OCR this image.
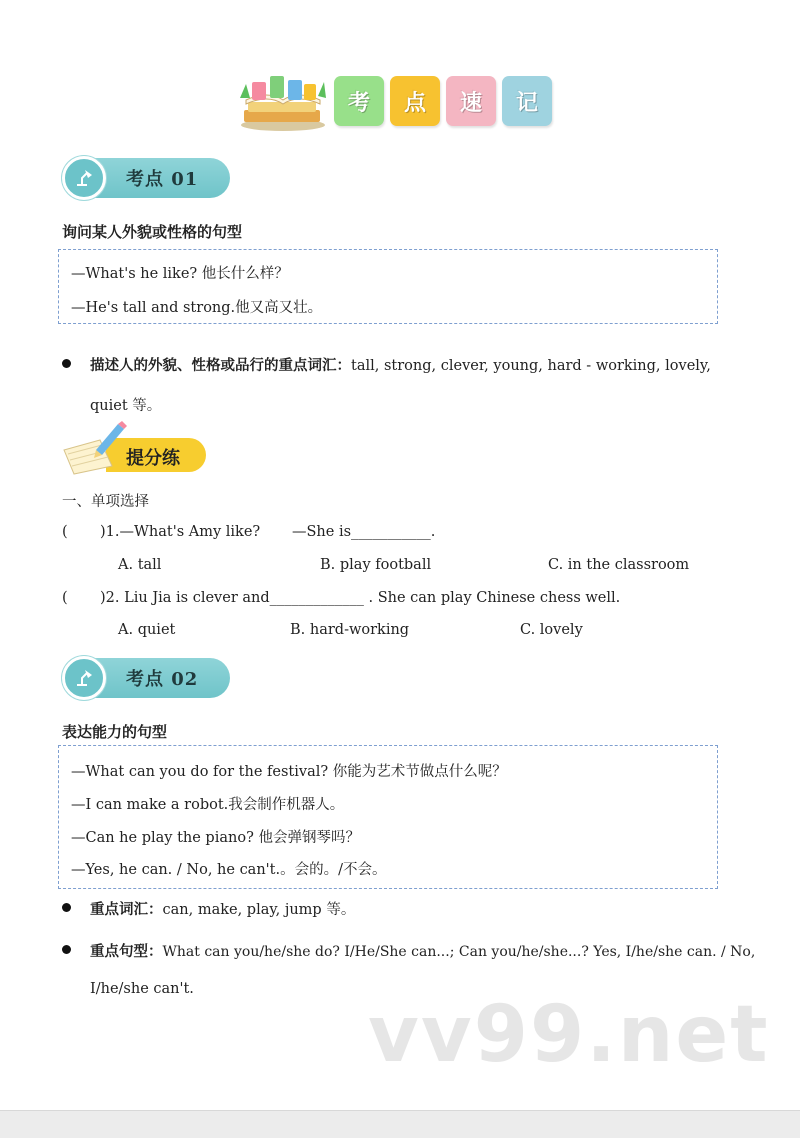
考	点	速	记
考点 01
询问某人外貌或性格的句型
—What's he like? 他长什么样？
—He's tall and strong.他又高又壮。
描述人的外貌、性格或品行的重点词汇：tall, strong, clever, young, hard - working, lovely,
quiet 等。
提分练
一、单项选择
( )1.—What's Amy like? —She is___________.
A. tall	B. play football	C. in the classroom
( )2. Liu Jia is clever and_____________ . She can play Chinese chess well.
A. quiet	B. hard-working	C. lovely
考点 02
表达能力的句型
—What can you do for the festival? 你能为艺术节做点什么呢？
—I can make a robot.我会制作机器人。
—Can he play the piano? 他会弹钢琴吗？
—Yes, he can. / No, he can't.。会的。/不会。
重点词汇：can, make, play, jump 等。
重点句型：What can you/he/she do? I/He/She can...; Can you/he/she...? Yes, I/he/she can. / No,
I/he/she can't.
vv99.net
